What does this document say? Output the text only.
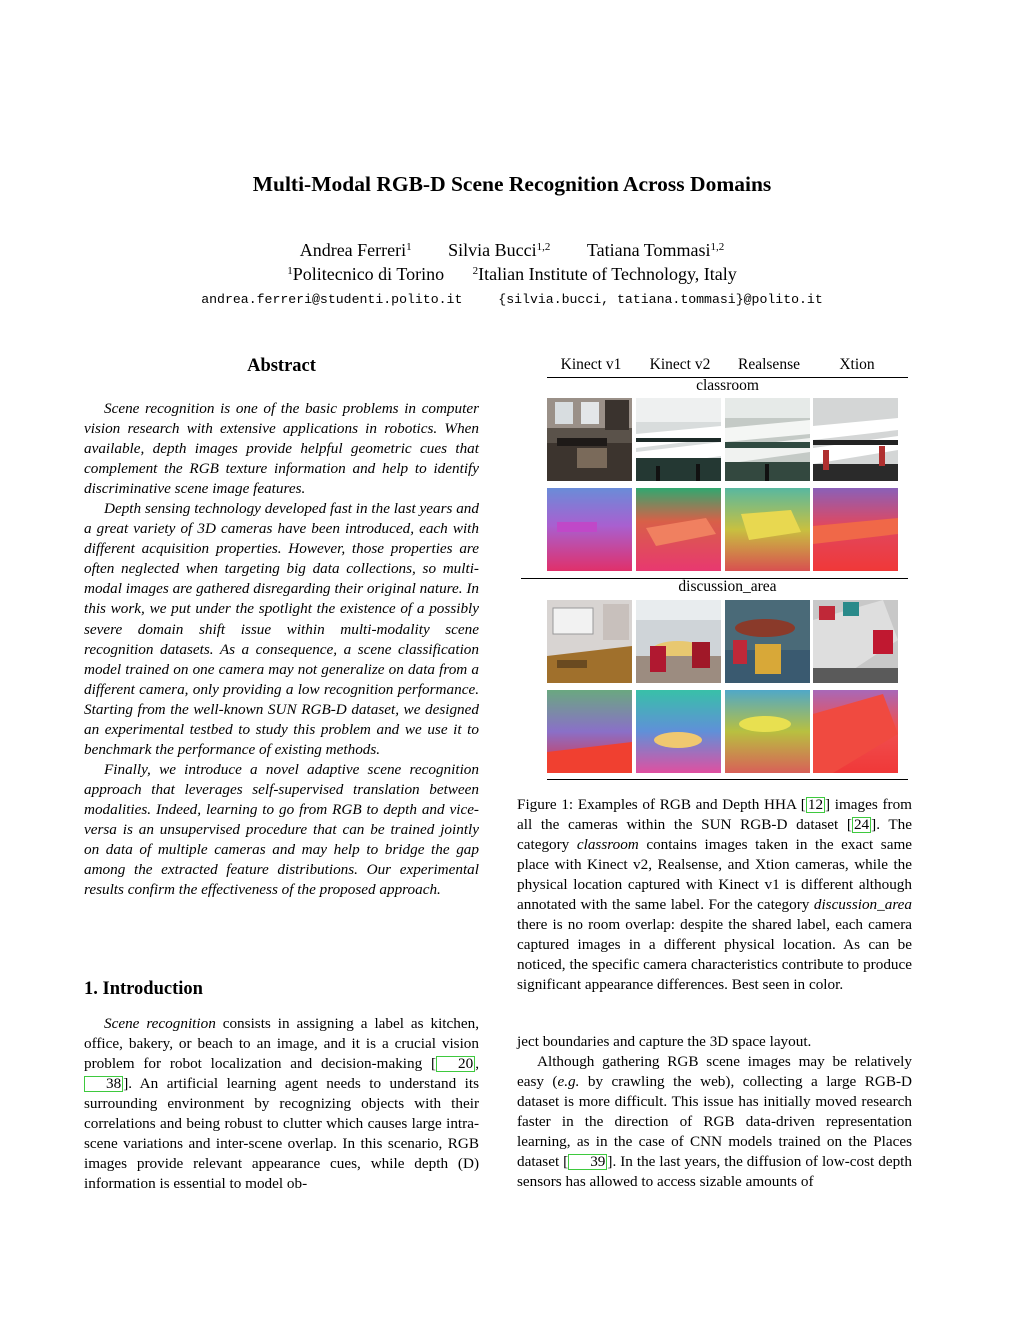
Multi-Modal RGB-D Scene Recognition Across Domains
Andrea Ferreri$^1$ Silvia Bucci$^{1,2}$ Tatiana Tommasi$^{1,2}$
$^1$Politecnico di Torino	$^2$Italian Institute of Technology, Italy
andrea.ferreri@studenti.polito.it	{silvia.bucci, tatiana.tommasi}@polito.it
Abstract

Scene recognition is one of the basic problems in computer vision research with extensive applications in robotics. When available, depth images provide helpful geometric cues that complement the RGB texture information and help to identify discriminative scene image features.

Depth sensing technology developed fast in the last years and a great variety of 3D cameras have been introduced, each with different acquisition properties. However, those properties are often neglected when targeting big data collections, so multi-modal images are gathered disregarding their original nature. In this work, we put under the spotlight the existence of a possibly severe domain shift issue within multi-modality scene recognition datasets. As a consequence, a scene classification model trained on one camera may not generalize on data from a different camera, only providing a low recognition performance. Starting from the well-known SUN RGB-D dataset, we designed an experimental testbed to study this problem and we use it to benchmark the performance of existing methods.

Finally, we introduce a novel adaptive scene recognition approach that leverages self-supervised translation between modalities. Indeed, learning to go from RGB to depth and vice-versa is an unsupervised procedure that can be trained jointly on data of multiple cameras and may help to bridge the gap among the extracted feature distributions. Our experimental results confirm the effectiveness of the proposed approach.

1. Introduction

Scene recognition consists in assigning a label as kitchen, office, bakery, or beach to an image, and it is a crucial vision problem for robot localization and decision-making [ 20 , 38 ]. An artificial learning agent needs to understand its surrounding environment by recognizing objects with their correlations and being robust to clutter which causes large intra-scene variations and inter-scene overlap. In this scenario, RGB images provide relevant appearance cues, while depth (D) information is essential to model ob-

Kinect v1	Kinect v2	Realsense	Xtion
classroom
discussion_area
Figure 1: Examples of RGB and Depth HHA [ 12 ] images from all the cameras within the SUN RGB-D dataset [ 24 ]. The category classroom contains images taken in the exact same place with Kinect v2, Realsense, and Xtion cameras, while the physical location captured with Kinect v1 is different although annotated with the same label. For the category discussion_area there is no room overlap: despite the shared label, each camera captured images in a different physical location. As can be noticed, the specific camera characteristics contribute to produce significant appearance differences. Best seen in color.

ject boundaries and capture the 3D space layout.

Although gathering RGB scene images may be relatively easy (e.g. by crawling the web), collecting a large RGB-D dataset is more difficult. This issue has initially moved research faster in the direction of RGB data-driven representation learning, as in the case of CNN models trained on the Places dataset [ 39 ]. In the last years, the diffusion of low-cost depth sensors has allowed to access sizable amounts of
